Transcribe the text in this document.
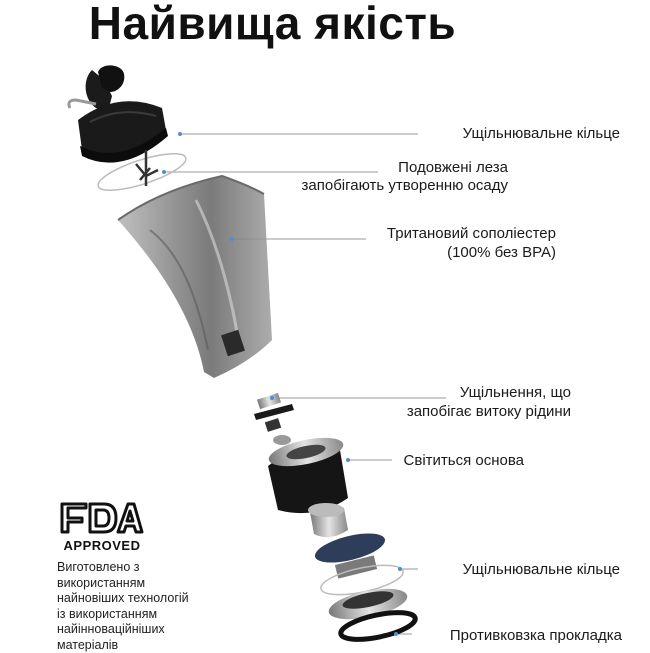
Найвища якість
Ущільнювальне кільце
Подовжені леза
запобігають утворенню осаду
Тритановий сополіестер
(100% без BPA)
Ущільнення, що
запобігає витоку рідини
Світиться основа
Ущільнювальне кільце
Противковзка прокладка
APPROVED
Виготовлено з
використанням
найновіших технологій
із використанням
найінноваційніших
матеріалів
